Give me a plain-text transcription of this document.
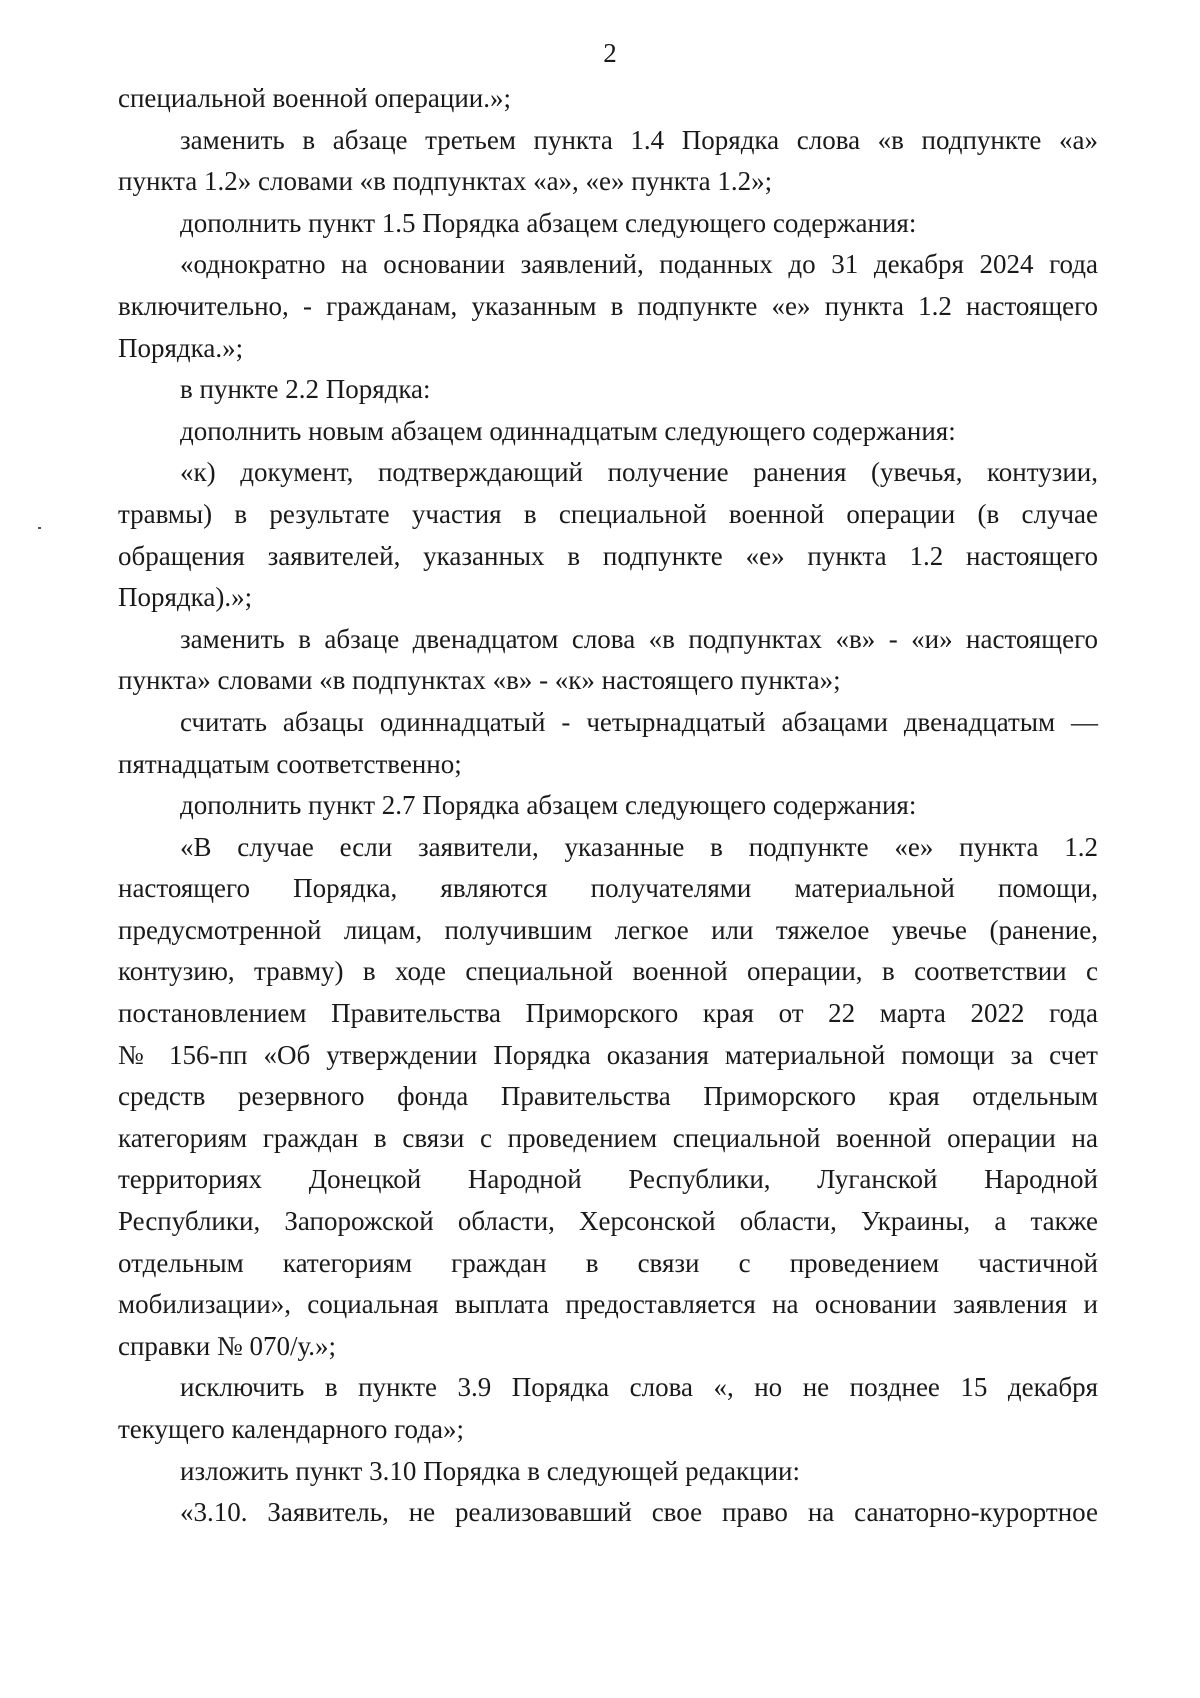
2
специальной военной операции.»;
заменить в абзаце третьем пункта 1.4 Порядка слова «в подпункте «а»
пункта 1.2» словами «в подпунктах «а», «е» пункта 1.2»;
дополнить пункт 1.5 Порядка абзацем следующего содержания:
«однократно на основании заявлений, поданных до 31 декабря 2024 года
включительно, - гражданам, указанным в подпункте «е» пункта 1.2 настоящего
Порядка.»;
в пункте 2.2 Порядка:
дополнить новым абзацем одиннадцатым следующего содержания:
«к) документ, подтверждающий получение ранения (увечья, контузии,
травмы) в результате участия в специальной военной операции (в случае
обращения заявителей, указанных в подпункте «е» пункта 1.2 настоящего
Порядка).»;
заменить в абзаце двенадцатом слова «в подпунктах «в» - «и» настоящего
пункта» словами «в подпунктах «в» - «к» настоящего пункта»;
считать абзацы одиннадцатый - четырнадцатый абзацами двенадцатым —
пятнадцатым соответственно;
дополнить пункт 2.7 Порядка абзацем следующего содержания:
«В случае если заявители, указанные в подпункте «е» пункта 1.2
настоящего Порядка, являются получателями материальной помощи,
предусмотренной лицам, получившим легкое или тяжелое увечье (ранение,
контузию, травму) в ходе специальной военной операции, в соответствии с
постановлением Правительства Приморского края от 22 марта 2022 года
№ 156-пп «Об утверждении Порядка оказания материальной помощи за счет
средств резервного фонда Правительства Приморского края отдельным
категориям граждан в связи с проведением специальной военной операции на
территориях Донецкой Народной Республики, Луганской Народной
Республики, Запорожской области, Херсонской области, Украины, а также
отдельным категориям граждан в связи с проведением частичной
мобилизации», социальная выплата предоставляется на основании заявления и
справки № 070/у.»;
исключить в пункте 3.9 Порядка слова «, но не позднее 15 декабря
текущего календарного года»;
изложить пункт 3.10 Порядка в следующей редакции:
«3.10. Заявитель, не реализовавший свое право на санаторно-курортное
